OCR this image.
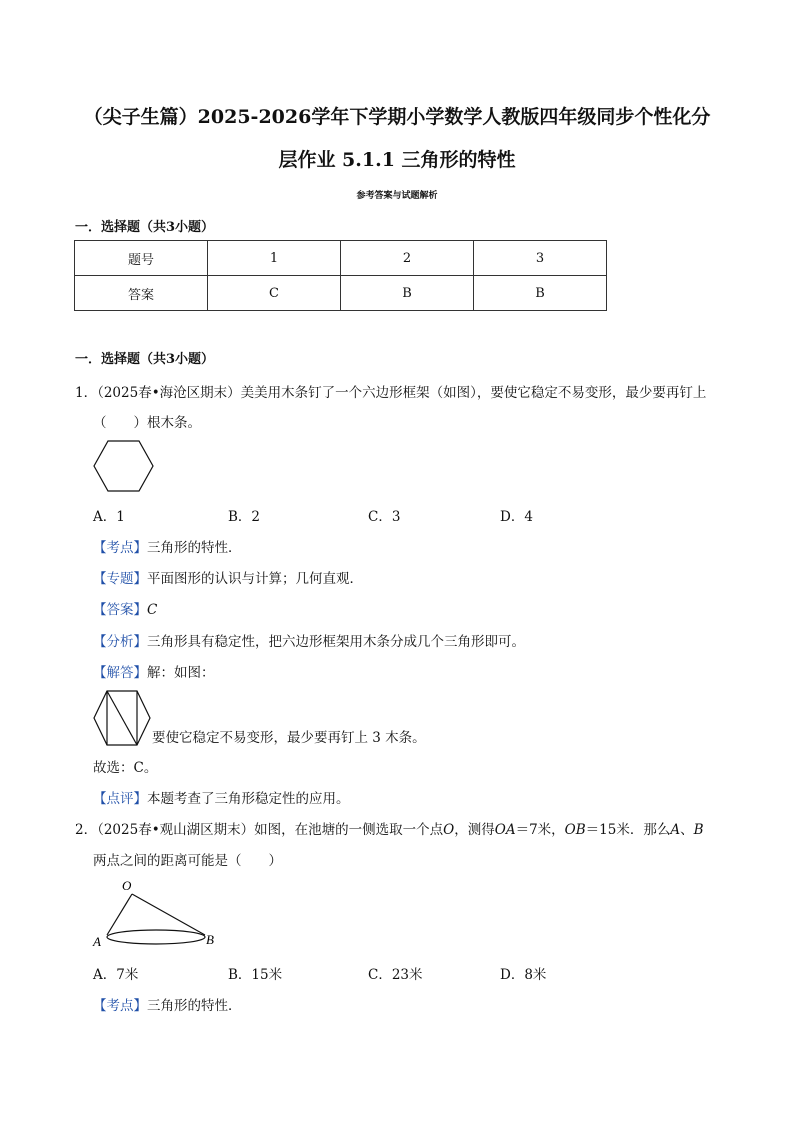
（尖子生篇）2025-2026学年下学期小学数学人教版四年级同步个性化分
层作业 5.1.1 三角形的特性
参考答案与试题解析
一．选择题（共3小题）
题号	1	2	3
答案	C	B	B
一．选择题（共3小题）
1．（2025春•海沧区期末）美美用木条钉了一个六边形框架（如图），要使它稳定不易变形，最少要再钉上
（　　）根木条。
A．1	B．2	C．3	D．4
【考点】三角形的特性．
【专题】平面图形的认识与计算；几何直观．
【答案】C
【分析】三角形具有稳定性，把六边形框架用木条分成几个三角形即可。
【解答】解：如图：
要使它稳定不易变形，最少要再钉上 3 木条。
故选：C。
【点评】本题考查了三角形稳定性的应用。
2．（2025春•观山湖区期末）如图，在池塘的一侧选取一个点O，测得OA＝7米，OB＝15米．那么A、B
两点之间的距离可能是（　　）
O
A	B
A．7米	B．15米	C．23米	D．8米
【考点】三角形的特性．
